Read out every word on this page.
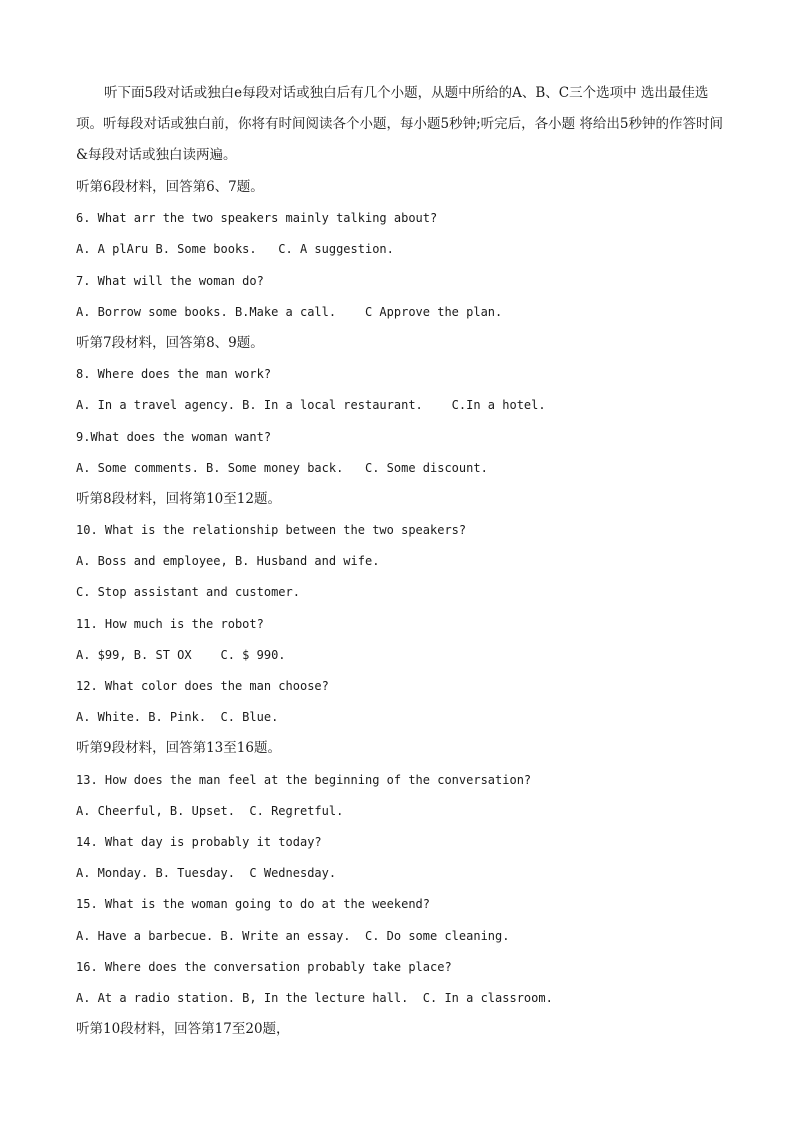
听下面5段对话或独白e每段对话或独白后有几个小题，从题中所给的A、B、C三个选项中 选出最佳选项。听每段对话或独白前，你将有时间阅读各个小题，每小题5秒钟;听完后，各小题 将给出5秒钟的作答时间&每段对话或独白读两遍。
听第6段材料，回答第6、7题。
6. What arr the two speakers mainly talking about?
A. A plAru B. Some books.   C. A suggestion.
7. What will the woman do?
A. Borrow some books. B.Make a call.    C Approve the plan.
听第7段材料，回答第8、9题。
8. Where does the man work?
A. In a travel agency. B. In a local restaurant.    C.In a hotel.
9.What does the woman want?
A. Some comments. B. Some money back.   C. Some discount.
听第8段材料，回将第10至12题。
10. What is the relationship between the two speakers?
A. Boss and employee, B. Husband and wife.
C. Stop assistant and customer.
11. How much is the robot?
A. $99, B. ST OX    C. $ 990.
12. What color does the man choose?
A. White. B. Pink.  C. Blue.
听第9段材料，回答第13至16题。
13. How does the man feel at the beginning of the conversation?
A. Cheerful, B. Upset.  C. Regretful.
14. What day is probably it today?
A. Monday. B. Tuesday.  C Wednesday.
15. What is the woman going to do at the weekend?
A. Have a barbecue. B. Write an essay.  C. Do some cleaning.
16. Where does the conversation probably take place?
A. At a radio station. B, In the lecture hall.  C. In a classroom.
听第10段材料，回答第17至20题，
